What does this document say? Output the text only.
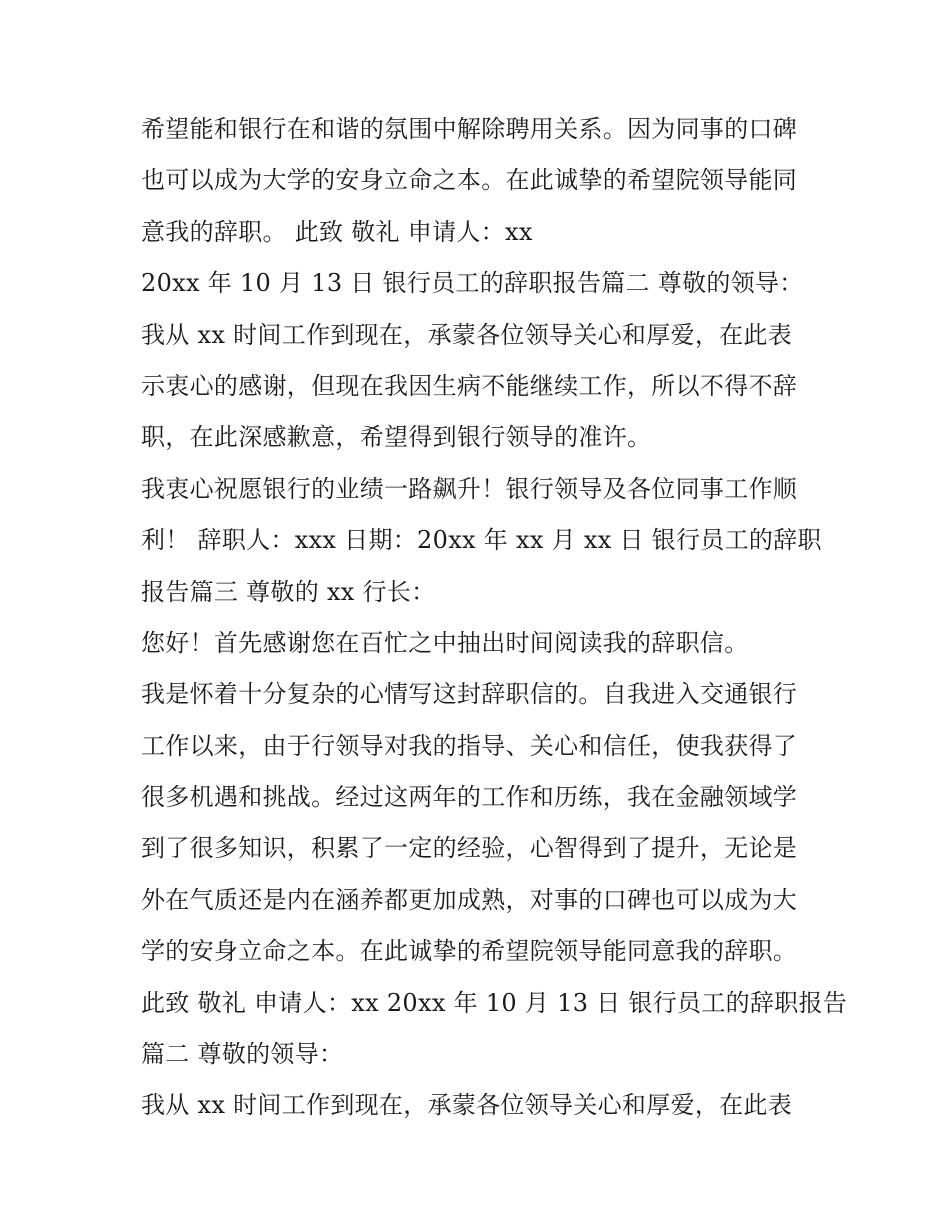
希望能和银行在和谐的氛围中解除聘用关系。因为同事的口碑
也可以成为大学的安身立命之本。在此诚挚的希望院领导能同
意我的辞职。 此致 敬礼 申请人：xx
20xx 年 10 月 13 日 银行员工的辞职报告篇二 尊敬的领导：
我从 xx 时间工作到现在，承蒙各位领导关心和厚爱，在此表
示衷心的感谢，但现在我因生病不能继续工作，所以不得不辞
职，在此深感歉意，希望得到银行领导的准许。
我衷心祝愿银行的业绩一路飙升！银行领导及各位同事工作顺
利！ 辞职人：xxx 日期：20xx 年 xx 月 xx 日 银行员工的辞职
报告篇三 尊敬的 xx 行长：
您好！首先感谢您在百忙之中抽出时间阅读我的辞职信。
我是怀着十分复杂的心情写这封辞职信的。自我进入交通银行
工作以来，由于行领导对我的指导、关心和信任，使我获得了
很多机遇和挑战。经过这两年的工作和历练，我在金融领域学
到了很多知识，积累了一定的经验，心智得到了提升，无论是
外在气质还是内在涵养都更加成熟，对事的口碑也可以成为大
学的安身立命之本。在此诚挚的希望院领导能同意我的辞职。
此致 敬礼 申请人：xx 20xx 年 10 月 13 日 银行员工的辞职报告
篇二 尊敬的领导：
我从 xx 时间工作到现在，承蒙各位领导关心和厚爱，在此表
